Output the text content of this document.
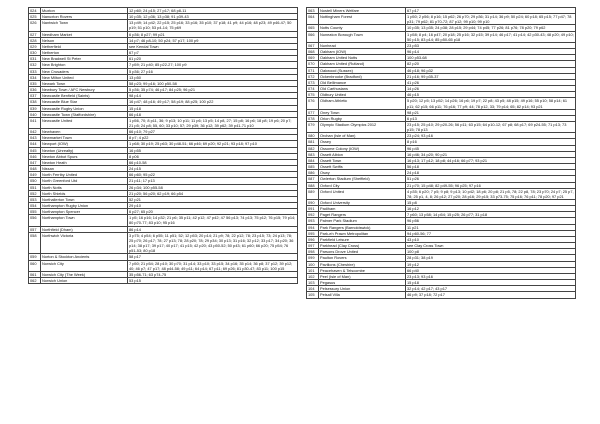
024	Muxton	12 p60; 24 p15; 27 p17; 68 p8-11
025	Nanuxton Rovers	10 p35; 12 p36; 13 p38; 91 p39-43
026	Nantwich Town	13 p49; 14 p42; 22 p15; 25 p16; 33 p16; 35 p10; 37 p18; 41 p9; 44 p16; 48 p23; 49 p46-47; 50 p19; 51 p10; 53 p4-14; 75 p69
027	Needham Market	6 p36; 8 p27; 99 p21
028	Nelson	14 p7; 46 p8-10; 50 p24; 57 p17; 100 p9
029	Netherfield	see Kendal Town
030	Netherton	67 p7
031	New Bradwell St Peter	61 p20
032	New Brighton	7 p59; 21 p40; 85 p22-27; 100 p9
033	New Crusaders	5 p36; 27 p16
034	New Milton United	13 p50
035	Newark Town	58 p23; 99 p16; 100 p50-58
036	Newbury Town / AFC Newbury	5 p36; 35 p74; 46 p17; 84 p25; 96 p21
037	Newcastle Benfield (Saints)	98 p14
038	Newcastle Blue Star	16 p47; 48 p16; 49 p17; 58 p19; 88 p25; 100 p22
039	Newcastle Rugby Union	15 p18
040	Newcastle Town (Staffordshire)	66 p18
041	Newcastle United	1 p56, 70; 8 p11, 36; 9 p13; 10 p11; 11 p6; 13 p5; 14 p8, 27; 15 p8; 16 p6; 18 p8; 19 p6; 20 p7; 21 p5; 24 p8; 55, 60; 33 p10; 57; 29 p39; 36 p12; 39 p62; 39 p41-71 p10
042	Newhaven	66 p10; 79 p27
043	Newmarket Town	8 p7; 4 p22
044	Newport (IOW)	1 p68; 30 p19; 25 p63; 30 p48-51; 66 p46; 69 p20; 92 p21; 93 p18; 97 p10
045	Newton (Unrealty)	16 p55
046	Newton Abbot Spurs	8 p06
047	Newton Heath	66 p10-58
048	Nissan	24 p15
049	North Ferriby United	66 p60; 95 p22
050	North Greenford Utd	21 p11; 17 p13
051	North Notts	26 p34; 100 p55-58
052	North Shields	21 p20; 56 p20; 62 p19; 66 p54
053	Northallerton Town	52 p21
054	Northampton Rugby Union	29 p10
055	Northampton Spencer	6 p27; 65 p20
056	Northampton Town	1 p5; 16 p16; 14 p32; 21 p6; 35 p11; 42 p12; 47 p42; 47 56 p13; 74 p13; 75 p12; 76 p15; 79 p14; 80 p70-77; 83 p10; 95 p16
057	Northfield (Dham)	86 p14
058	Northwich Victoria	3 p75; 4 p54; 6 p55; 11 p51; 52; 12 p53; 20 p14; 21 p9; 78; 22 p12; 78; 23 p15; 73; 24 p13; 78; 25 p70; 26 p17; 78; 27 p13; 78; 28 p20; 78; 29 p34; 30 p13; 31 p16; 32 p12; 33 p17; 34 p20; 36 p14; 38 p17; 39 p17; 40 p17; 41 p15; 42 p20; 43 p50-52; 50 p43; 61 p60; 66 p20; 75 p54; 76 p51-53; 80 p18
059	Norton & Stockton Ancients	58 p17
060	Norwich City	7 p50; 21 p54; 28 p10; 30 p70; 31 p14; 33 p10; 33 p15; 34 p16; 35 p14; 36 p8; 37 p12; 39 p12; 40; 46 p7; 47 p17; 48 p44-58; 49 p11; 64 p14; 67 p11; 69 p26; 81 p30-47; 83 p11; 100 p15
061	Norwich City (The Week)	35 p56-71; 63 p74-75
062	Norwich Union	53 p15
063	Nostell Miners Welfare	67 p17
064	Nottingham Forest	1 p50; 2 p56; 8 p16; 15 p62; 26 p70; 29 p36; 31 p14; 36 p9; 50 p24; 60 p18; 65 p15; 77 p47; 78 p31; 79 p62; 81 p70-72; 87 p12; 99 p10; 99 p10
065	Notts County	10 p35; 13 p35; 24 p38; 28 p15; 29 p44; 74 p45; 77 p26; 81 p76; 78 p20; 79 p62
066	Nuneaton Borough Town	1 p58; 8 p4; 16 p47; 20 p18; 25 p16; 32 p15; 39 p14; 46 p17; 41 p14; 42 p30-43; 48 p20; 49 p10; 50 p15; 83 p14; 85 p50-65 p18
067	Nunhead	23 p53
068	Oakham (IOW)	96 p14
069	Oakham United Notts	100 p53-68
070	Oakham United (Rutland)	82 p20
071	Oakwood (Sussex)	46 p18; 96 p32
072	Ockenbrooke (Bradford)	21 p16; 99 p35-37
073	Old Bellimance	41 p26
074	Old Carthusians	14 p26
075	Oldbury United	46 p15
076	Oldham Athletic	5 p20; 12 p5; 13 p52; 14 p26; 16 p6; 19 p7; 22 p8; 43 p5; 48 p15; 49 p16; 55 p10; 58 p14; 61 p11; 62 p15; 66 p11; 76 p16; 77 p9; 44; 78 p12, 33; 79 p14; 65; 82 p14; 93 p21
077	Oney Town	98 p21
078	Orion Rugby	6 p13
079	Olympic Stadium Olympics 2012	23 p15; 25 p10; 29 p20-26; 56 p11; 63 p15; 64 p10-12; 67 p8; 68 p17; 69 p24-55; 71 p13; 73 p15; 78 p13
080	Orchan (Isle of Man)	23 p24; 93 p16
081	Ossey	8 p16
082	Ossome Colony (IOW)	96 p45
083	Ossett Albion	16 p46; 34 p20; 90 p21
084	Ossett Town	16 p13; 17 p12; 18 p8; 44 p16; 66 p77; 93 p21
085	Ossett Swifts	56 p18
086	Oswy	24 p18
087	Owlerton Stadium (Sheffield)	51 p26
088	Oxford City	21 p70; 15 p48; 82 p49-55; 96 p25; 97 p16
089	Oxford United	4 p35; 6 p20; 7 p5; 9 p8; 9 p13; 10 p42; 18 p6; 20 p8; 21 p5, 78; 22 p8, 78; 23 p70; 24 p7; 25 p7, 78; 25 p1, 4, 8; 26 p12; 27 p20; 28 p16; 29 p15; 33 p73-75; 75 p16; 76 p11; 78 p20; 97 p21
090	Oxford University	15 p8
091	Padiham	16 p12
092	Paget Rangers	7 p60; 13 p58; 14 p54; 15 p25; 26 p77; 31 p18
093	Palmer Park Stadium	96 p56
094	Park Rangers (Barnoldswick)	11 p21
095	Park-eh Prawn Metropolitan	94 p60-56; 77
096	Parkfield Leisure	43 p10
097	Parkhead (Clay Cross)	see Clay Cross Town
098	Parsons Drove United	100 p8
099	Paulton Rovers	28 p31; 38 p19
100	Pavilions (Cheshire)	19 p12
101	Peacehaven & Telscombe	66 p40
102	Peel (Isle of Man)	23 p13; 93 p16
103	Pegasus	15 p18
104	Pelsessury Union	32 p14; 42 p17; 43 p17
105	Pelsall Villa	46 p9; 37 p18; 72 p17
